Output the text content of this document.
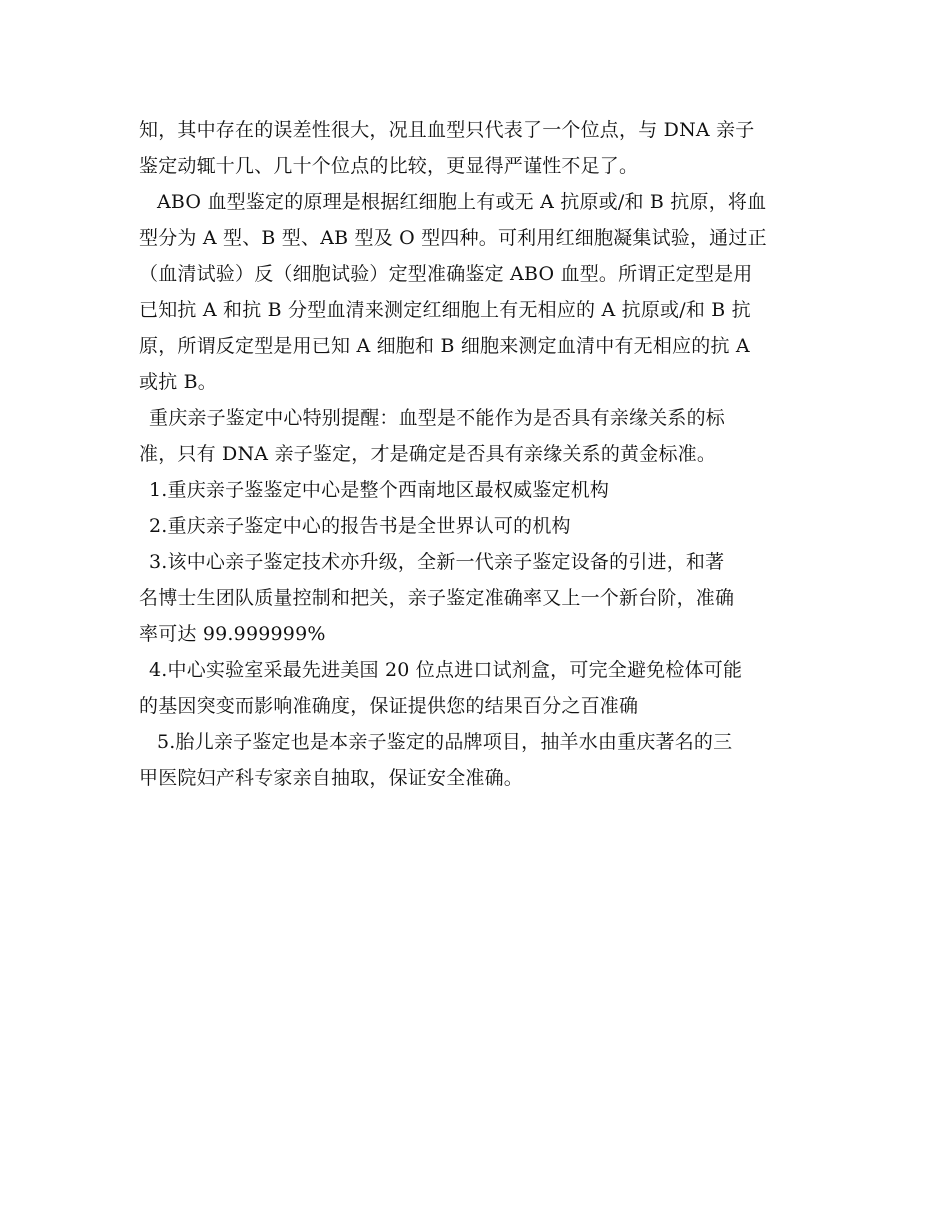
知，其中存在的误差性很大，况且血型只代表了一个位点，与 DNA 亲子
鉴定动辄十几、几十个位点的比较，更显得严谨性不足了。

ABO 血型鉴定的原理是根据红细胞上有或无 A 抗原或/和 B 抗原，将血
型分为 A 型、B 型、AB 型及 O 型四种。可利用红细胞凝集试验，通过正
（血清试验）反（细胞试验）定型准确鉴定 ABO 血型。所谓正定型是用
已知抗 A 和抗 B 分型血清来测定红细胞上有无相应的 A 抗原或/和 B 抗
原，所谓反定型是用已知 A 细胞和 B 细胞来测定血清中有无相应的抗 A
或抗 B。

重庆亲子鉴定中心特别提醒：血型是不能作为是否具有亲缘关系的标
准，只有 DNA 亲子鉴定，才是确定是否具有亲缘关系的黄金标准。

1.重庆亲子鉴鉴定中心是整个西南地区最权威鉴定机构

2.重庆亲子鉴定中心的报告书是全世界认可的机构

3.该中心亲子鉴定技术亦升级，全新一代亲子鉴定设备的引进，和著
名博士生团队质量控制和把关，亲子鉴定准确率又上一个新台阶，准确
率可达 99.999999%

4.中心实验室采最先进美国 20 位点进口试剂盒，可完全避免检体可能
的基因突变而影响准确度，保证提供您的结果百分之百准确

5.胎儿亲子鉴定也是本亲子鉴定的品牌项目，抽羊水由重庆著名的三
甲医院妇产科专家亲自抽取，保证安全准确。
